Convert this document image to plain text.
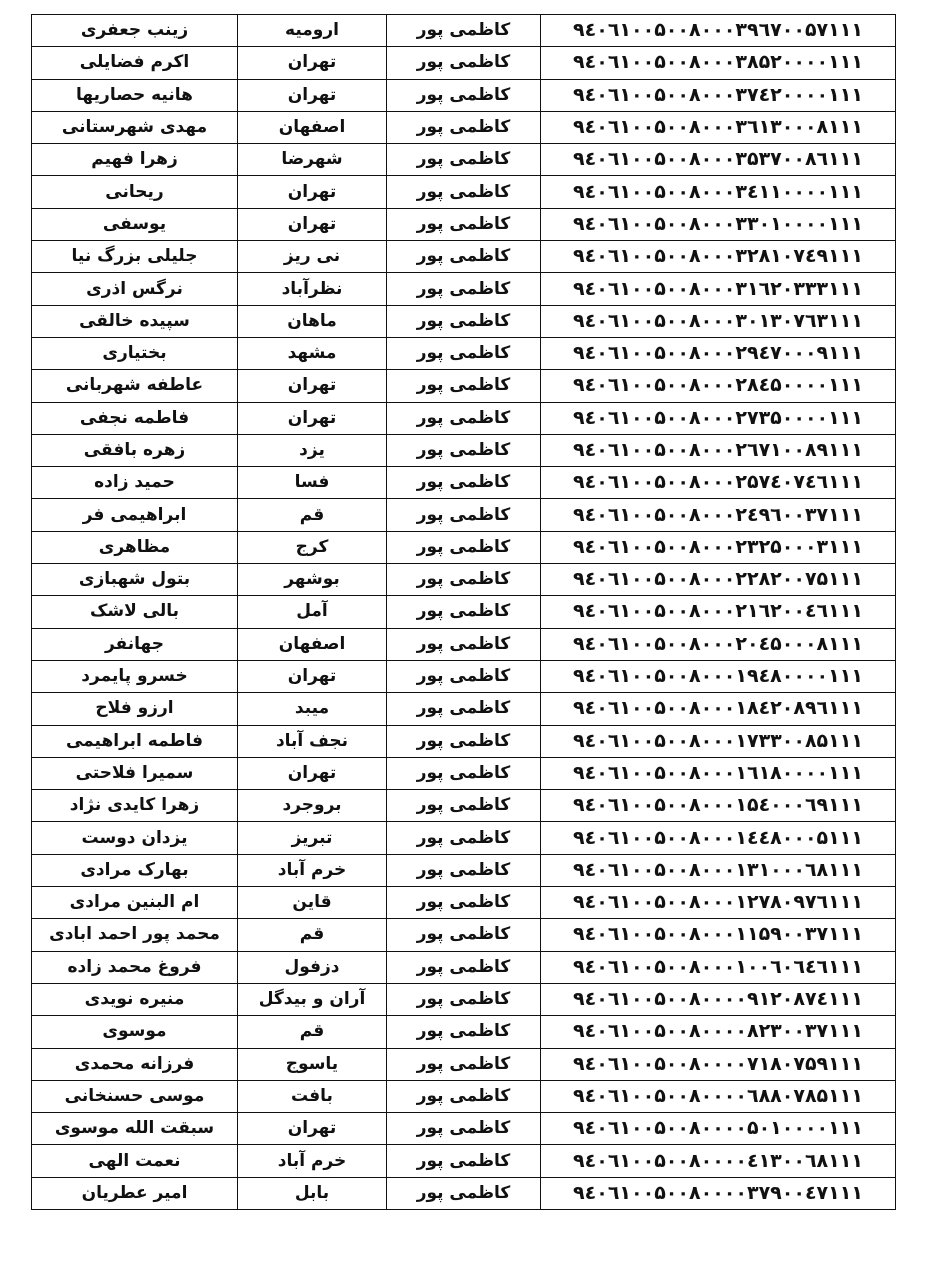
زینب جعفری	ارومیه	کاظمی پور	۹٤۰٦۱۰۰۵۰۰۸۰۰۰۳۹٦۷۰۰۵۷۱۱۱
اکرم فضایلی	تهران	کاظمی پور	۹٤۰٦۱۰۰۵۰۰۸۰۰۰۳۸۵۲۰۰۰۰۱۱۱
هانیه حصاریها	تهران	کاظمی پور	۹٤۰٦۱۰۰۵۰۰۸۰۰۰۳۷٤۲۰۰۰۰۱۱۱
مهدی شهرستانی	اصفهان	کاظمی پور	۹٤۰٦۱۰۰۵۰۰۸۰۰۰۳٦۱۳۰۰۰۸۱۱۱
زهرا فهیم	شهرضا	کاظمی پور	۹٤۰٦۱۰۰۵۰۰۸۰۰۰۳۵۳۷۰۰۸٦۱۱۱
ریحانی	تهران	کاظمی پور	۹٤۰٦۱۰۰۵۰۰۸۰۰۰۳٤۱۱۰۰۰۰۱۱۱
یوسفی	تهران	کاظمی پور	۹٤۰٦۱۰۰۵۰۰۸۰۰۰۳۳۰۱۰۰۰۰۱۱۱
جلیلی بزرگ نیا	نی ریز	کاظمی پور	۹٤۰٦۱۰۰۵۰۰۸۰۰۰۳۲۸۱۰۷٤۹۱۱۱
نرگس اذری	نظرآباد	کاظمی پور	۹٤۰٦۱۰۰۵۰۰۸۰۰۰۳۱٦۲۰۳۳۳۱۱۱
سپیده خالقی	ماهان	کاظمی پور	۹٤۰٦۱۰۰۵۰۰۸۰۰۰۳۰۱۳۰۷٦۳۱۱۱
بختیاری	مشهد	کاظمی پور	۹٤۰٦۱۰۰۵۰۰۸۰۰۰۲۹٤۷۰۰۰۹۱۱۱
عاطفه شهربانی	تهران	کاظمی پور	۹٤۰٦۱۰۰۵۰۰۸۰۰۰۲۸٤۵۰۰۰۰۱۱۱
فاطمه نجفی	تهران	کاظمی پور	۹٤۰٦۱۰۰۵۰۰۸۰۰۰۲۷۳۵۰۰۰۰۱۱۱
زهره بافقی	یزد	کاظمی پور	۹٤۰٦۱۰۰۵۰۰۸۰۰۰۲٦۷۱۰۰۸۹۱۱۱
حمید زاده	فسا	کاظمی پور	۹٤۰٦۱۰۰۵۰۰۸۰۰۰۲۵۷٤۰۷٤٦۱۱۱
ابراهیمی فر	قم	کاظمی پور	۹٤۰٦۱۰۰۵۰۰۸۰۰۰۲٤۹٦۰۰۳۷۱۱۱
مظاهری	کرج	کاظمی پور	۹٤۰٦۱۰۰۵۰۰۸۰۰۰۲۳۲۵۰۰۰۳۱۱۱
بتول شهبازی	بوشهر	کاظمی پور	۹٤۰٦۱۰۰۵۰۰۸۰۰۰۲۲۸۲۰۰۷۵۱۱۱
بالی لاشک	آمل	کاظمی پور	۹٤۰٦۱۰۰۵۰۰۸۰۰۰۲۱٦۲۰۰٤٦۱۱۱
جهانفر	اصفهان	کاظمی پور	۹٤۰٦۱۰۰۵۰۰۸۰۰۰۲۰٤۵۰۰۰۸۱۱۱
خسرو پایمرد	تهران	کاظمی پور	۹٤۰٦۱۰۰۵۰۰۸۰۰۰۱۹٤۸۰۰۰۰۱۱۱
ارزو فلاح	میبد	کاظمی پور	۹٤۰٦۱۰۰۵۰۰۸۰۰۰۱۸٤۲۰۸۹٦۱۱۱
فاطمه ابراهیمی	نجف آباد	کاظمی پور	۹٤۰٦۱۰۰۵۰۰۸۰۰۰۱۷۳۳۰۰۸۵۱۱۱
سمیرا فلاحتی	تهران	کاظمی پور	۹٤۰٦۱۰۰۵۰۰۸۰۰۰۱٦۱۸۰۰۰۰۱۱۱
زهرا کایدی نژاد	بروجرد	کاظمی پور	۹٤۰٦۱۰۰۵۰۰۸۰۰۰۱۵٤۰۰۰٦۹۱۱۱
یزدان دوست	تبریز	کاظمی پور	۹٤۰٦۱۰۰۵۰۰۸۰۰۰۱٤٤۸۰۰۰۵۱۱۱
بهارک مرادی	خرم آباد	کاظمی پور	۹٤۰٦۱۰۰۵۰۰۸۰۰۰۱۳۱۰۰۰٦۸۱۱۱
ام البنین مرادی	قاین	کاظمی پور	۹٤۰٦۱۰۰۵۰۰۸۰۰۰۱۲۷۸۰۹۷٦۱۱۱
محمد پور احمد ابادی	قم	کاظمی پور	۹٤۰٦۱۰۰۵۰۰۸۰۰۰۱۱۵۹۰۰۳۷۱۱۱
فروغ محمد زاده	دزفول	کاظمی پور	۹٤۰٦۱۰۰۵۰۰۸۰۰۰۱۰۰٦۰٦٤٦۱۱۱
منیره نویدی	آران و بیدگل	کاظمی پور	۹٤۰٦۱۰۰۵۰۰۸۰۰۰۰۹۱۲۰۸۷٤۱۱۱
موسوی	قم	کاظمی پور	۹٤۰٦۱۰۰۵۰۰۸۰۰۰۰۸۲۳۰۰۳۷۱۱۱
فرزانه محمدی	یاسوج	کاظمی پور	۹٤۰٦۱۰۰۵۰۰۸۰۰۰۰۷۱۸۰۷۵۹۱۱۱
موسی حسنخانی	بافت	کاظمی پور	۹٤۰٦۱۰۰۵۰۰۸۰۰۰۰٦۸۸۰۷۸۵۱۱۱
سبقت الله موسوی	تهران	کاظمی پور	۹٤۰٦۱۰۰۵۰۰۸۰۰۰۰۵۰۱۰۰۰۰۱۱۱
نعمت الهی	خرم آباد	کاظمی پور	۹٤۰٦۱۰۰۵۰۰۸۰۰۰۰٤۱۳۰۰٦۸۱۱۱
امیر عطریان	بابل	کاظمی پور	۹٤۰٦۱۰۰۵۰۰۸۰۰۰۰۳۷۹۰۰٤۷۱۱۱
